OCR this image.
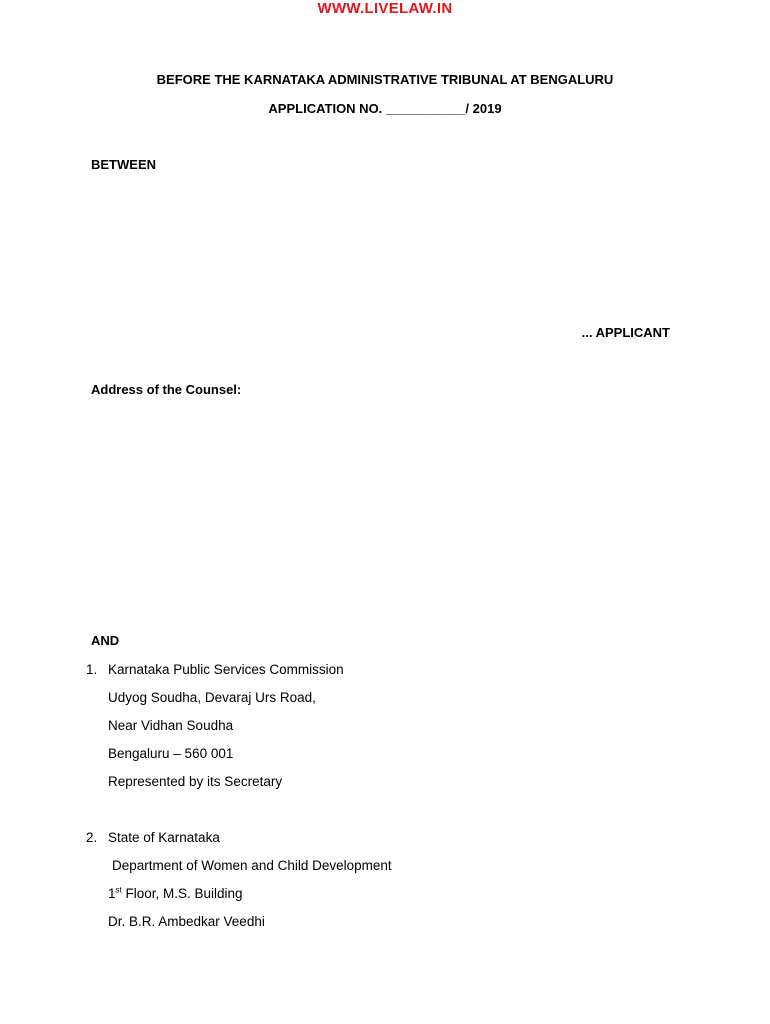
WWW.LIVELAW.IN
BEFORE THE KARNATAKA ADMINISTRATIVE TRIBUNAL AT BENGALURU
APPLICATION NO. ___________/ 2019
BETWEEN
... APPLICANT
Address of the Counsel:
AND
1. Karnataka Public Services Commission
Udyog Soudha, Devaraj Urs Road,
Near Vidhan Soudha
Bengaluru – 560 001
Represented by its Secretary
2. State of Karnataka
Department of Women and Child Development
1st Floor, M.S. Building
Dr. B.R. Ambedkar Veedhi
